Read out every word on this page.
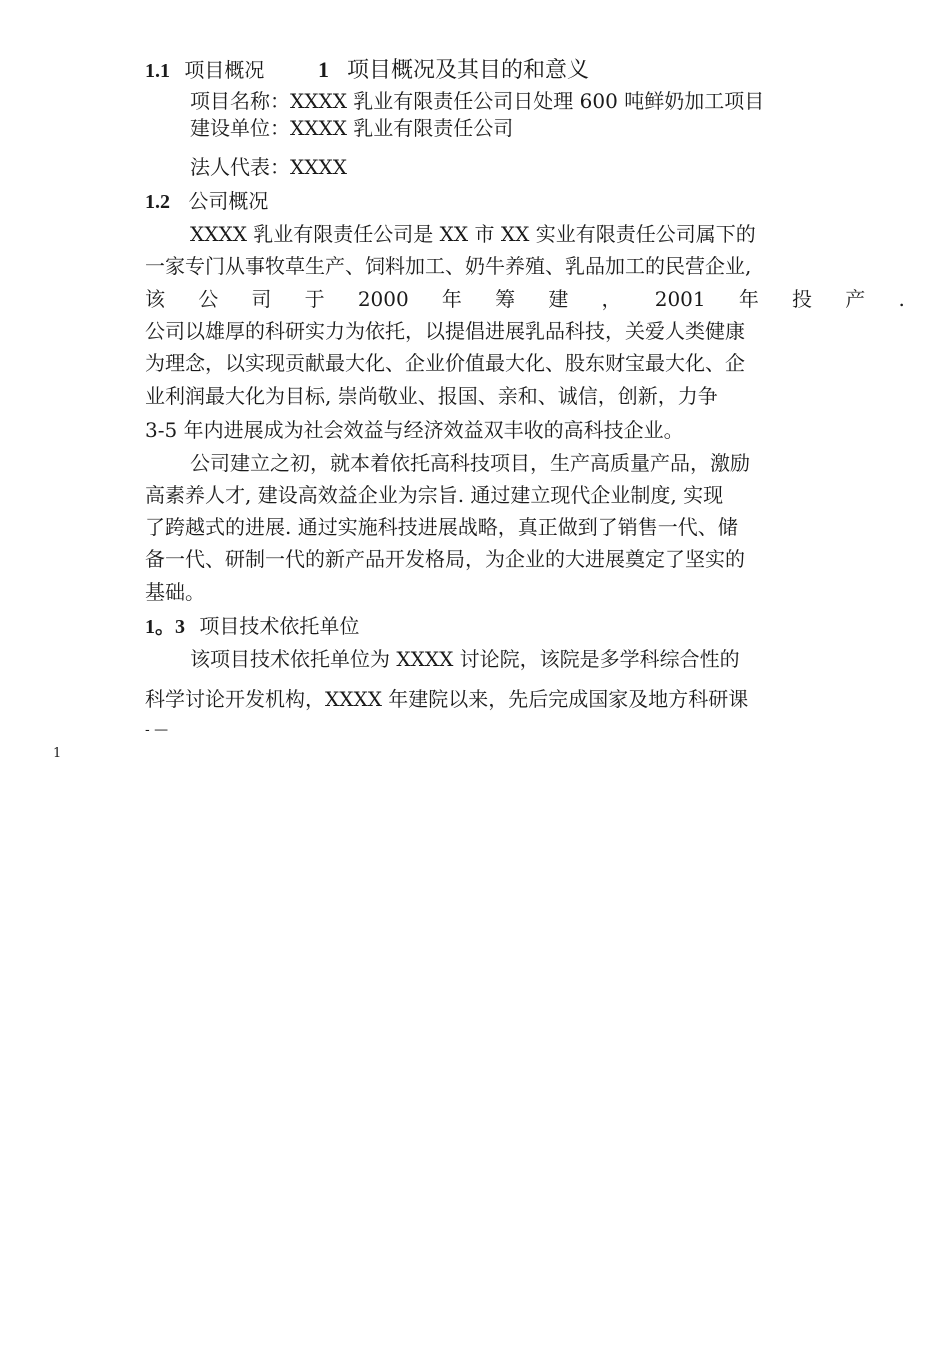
1.1 项目概况 1 项目概况及其目的和意义

项目名称：XXXX 乳业有限责任公司日处理 600 吨鲜奶加工项目

建设单位：XXXX 乳业有限责任公司

法人代表：XXXX

1.2 公司概况

XXXX 乳业有限责任公司是 XX 市 XX 实业有限责任公司属下的

一家专门从事牧草生产、饲料加工、奶牛养殖、乳品加工的民营企业,

该 公 司 于 2000 年 筹 建 ， 2001 年 投 产 .

公司以雄厚的科研实力为依托，以提倡进展乳品科技，关爱人类健康

为理念，以实现贡献最大化、企业价值最大化、股东财宝最大化、企

业利润最大化为目标, 崇尚敬业、报国、亲和、诚信，创新，力争

3-5 年内进展成为社会效益与经济效益双丰收的高科技企业。

公司建立之初，就本着依托高科技项目，生产高质量产品，激励

高素养人才, 建设高效益企业为宗旨. 通过建立现代企业制度, 实现

了跨越式的进展. 通过实施科技进展战略，真正做到了销售一代、储

备一代、研制一代的新产品开发格局，为企业的大进展奠定了坚实的

基础。

1。3 项目技术依托单位

该项目技术依托单位为 XXXX 讨论院，该院是多学科综合性的

科学讨论开发机构，XXXX 年建院以来，先后完成国家及地方科研课

- —
1
